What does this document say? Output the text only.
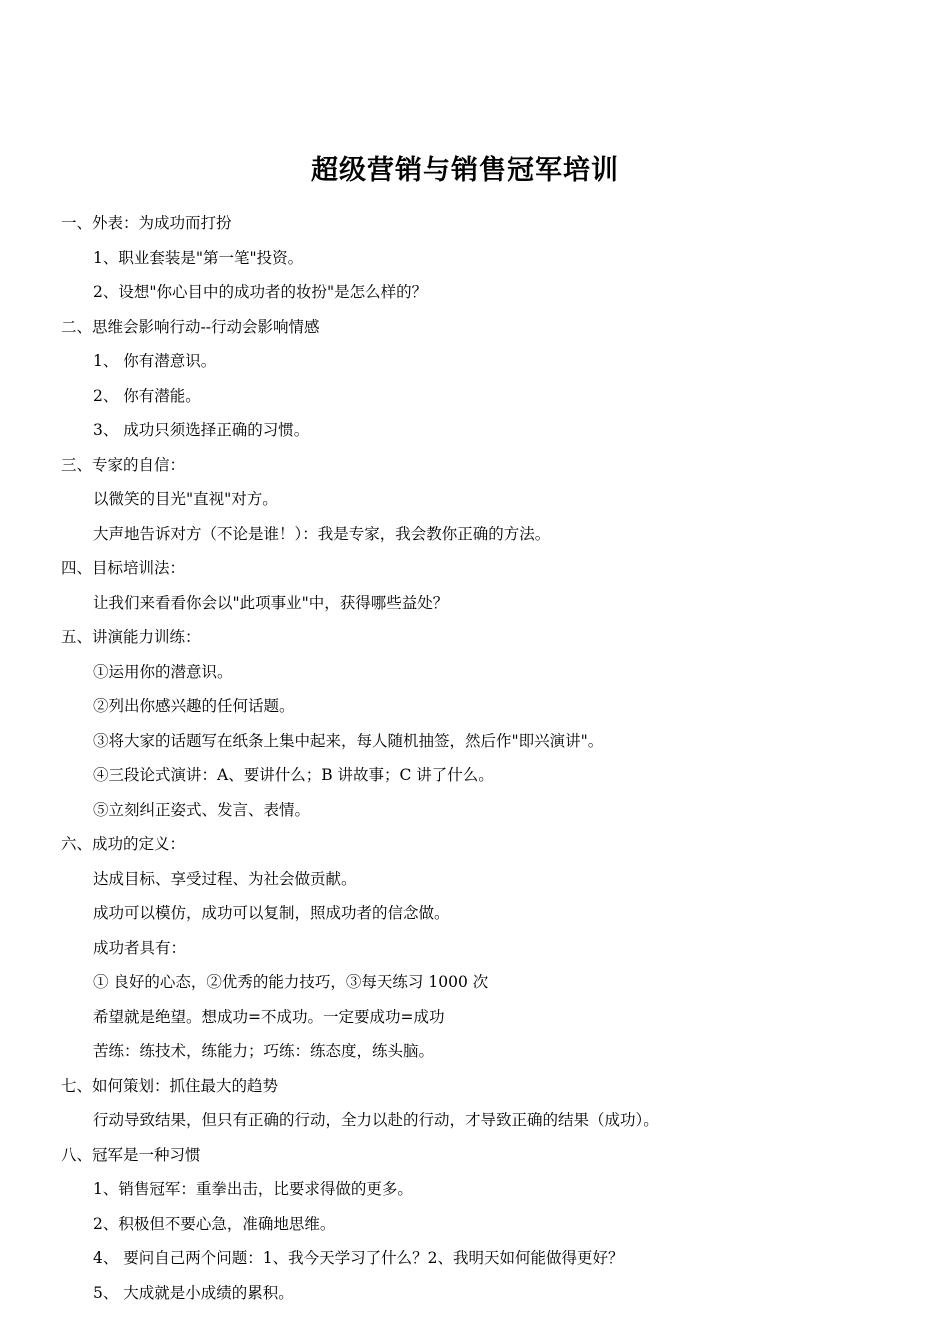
超级营销与销售冠军培训
一、外表：为成功而打扮
1、职业套装是"第一笔"投资。
2、设想"你心目中的成功者的妆扮"是怎么样的？
二、思维会影响行动--行动会影响情感
1、 你有潜意识。
2、 你有潜能。
3、 成功只须选择正确的习惯。
三、专家的自信：
以微笑的目光"直视"对方。
大声地告诉对方（不论是谁！）：我是专家，我会教你正确的方法。
四、目标培训法：
让我们来看看你会以"此项事业"中，获得哪些益处？
五、讲演能力训练：
①运用你的潜意识。
②列出你感兴趣的任何话题。
③将大家的话题写在纸条上集中起来，每人随机抽签，然后作"即兴演讲"。
④三段论式演讲：A、要讲什么；B 讲故事；C 讲了什么。
⑤立刻纠正姿式、发言、表情。
六、成功的定义：
达成目标、享受过程、为社会做贡献。
成功可以模仿，成功可以复制，照成功者的信念做。
成功者具有：
① 良好的心态，②优秀的能力技巧，③每天练习 1000 次
希望就是绝望。想成功=不成功。一定要成功=成功
苦练：练技术，练能力；巧练：练态度，练头脑。
七、如何策划：抓住最大的趋势
行动导致结果，但只有正确的行动，全力以赴的行动，才导致正确的结果（成功）。
八、冠军是一种习惯
1、销售冠军：重拳出击，比要求得做的更多。
2、积极但不要心急，准确地思维。
4、 要问自己两个问题：1、我今天学习了什么？2、我明天如何能做得更好？
5、 大成就是小成绩的累积。
